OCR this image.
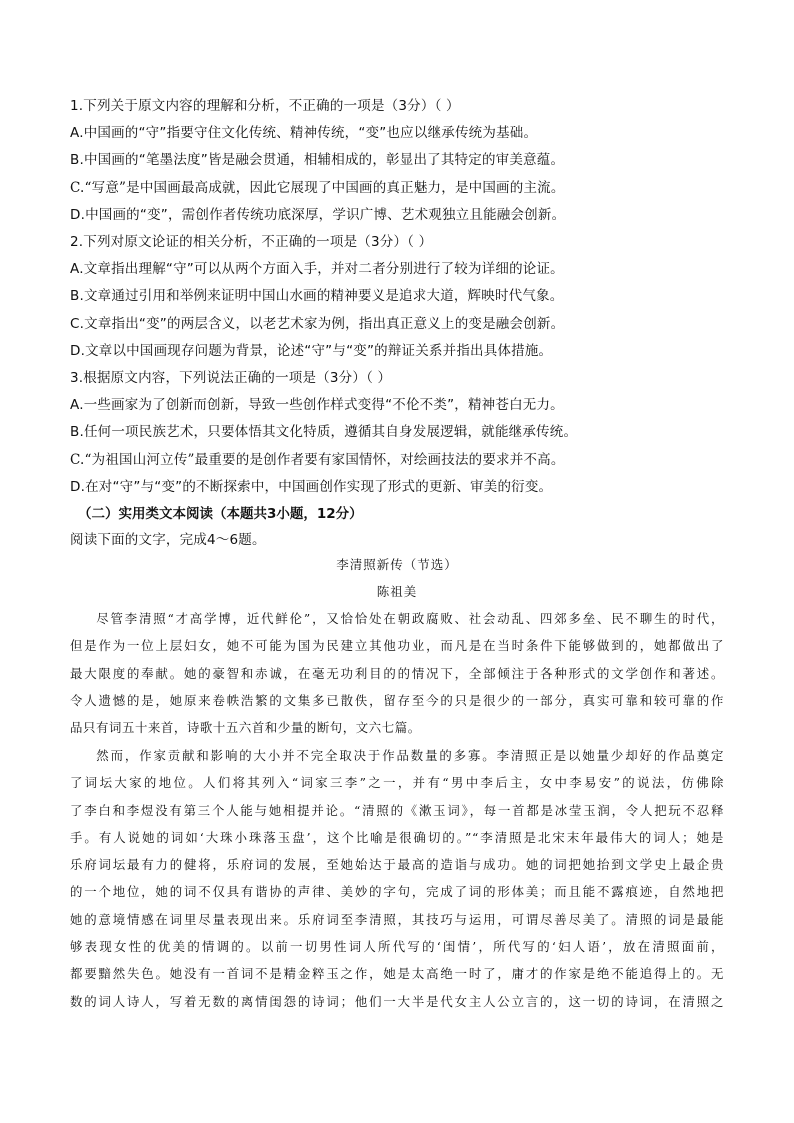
1.下列关于原文内容的理解和分析，不正确的一项是（3分）（ ）
A.中国画的“守”指要守住文化传统、精神传统，“变”也应以继承传统为基础。
B.中国画的“笔墨法度”皆是融会贯通，相辅相成的，彰显出了其特定的审美意蕴。
C.“写意”是中国画最高成就，因此它展现了中国画的真正魅力，是中国画的主流。
D.中国画的“变”，需创作者传统功底深厚，学识广博、艺术观独立且能融会创新。
2.下列对原文论证的相关分析，不正确的一项是（3分）（ ）
A.文章指出理解“守”可以从两个方面入手，并对二者分别进行了较为详细的论证。
B.文章通过引用和举例来证明中国山水画的精神要义是追求大道，辉映时代气象。
C.文章指出“变”的两层含义，以老艺术家为例，指出真正意义上的变是融会创新。
D.文章以中国画现存问题为背景，论述“守”与“变”的辩证关系并指出具体措施。
3.根据原文内容，下列说法正确的一项是（3分）（ ）
A.一些画家为了创新而创新，导致一些创作样式变得“不伦不类”，精神苍白无力。
B.任何一项民族艺术，只要体悟其文化特质，遵循其自身发展逻辑，就能继承传统。
C.“为祖国山河立传”最重要的是创作者要有家国情怀，对绘画技法的要求并不高。
D.在对“守”与“变”的不断探索中，中国画创作实现了形式的更新、审美的衍变。
（二）实用类文本阅读（本题共3小题，12分）
阅读下面的文字，完成4～6题。
李清照新传（节选）
陈祖美
尽管李清照“才高学博，近代鲜伦”，又恰恰处在朝政腐败、社会动乱、四郊多垒、民不聊生的时代，
但是作为一位上层妇女，她不可能为国为民建立其他功业，而凡是在当时条件下能够做到的，她都做出了
最大限度的奉献。她的豪智和赤诚，在毫无功利目的的情况下，全部倾注于各种形式的文学创作和著述。
令人遗憾的是，她原来卷帙浩繁的文集多已散佚，留存至今的只是很少的一部分，真实可靠和较可靠的作
品只有词五十来首，诗歌十五六首和少量的断句，文六七篇。
然而，作家贡献和影响的大小并不完全取决于作品数量的多寡。李清照正是以她量少却好的作品奠定
了词坛大家的地位。人们将其列入“词家三李”之一，并有“男中李后主，女中李易安”的说法，仿佛除
了李白和李煜没有第三个人能与她相提并论。“清照的《漱玉词》，每一首都是冰莹玉润，令人把玩不忍释
手。有人说她的词如‘大珠小珠落玉盘’，这个比喻是很确切的。”“李清照是北宋末年最伟大的词人；她是
乐府词坛最有力的健将，乐府词的发展，至她始达于最高的造诣与成功。她的词把她抬到文学史上最企贵
的一个地位，她的词不仅具有谐协的声律、美妙的字句，完成了词的形体美；而且能不露痕迹，自然地把
她的意境情感在词里尽量表现出来。乐府词至李清照，其技巧与运用，可谓尽善尽美了。清照的词是最能
够表现女性的优美的情调的。以前一切男性词人所代写的‘闺情’，所代写的‘妇人语’，放在清照面前，
都要黯然失色。她没有一首词不是精金粹玉之作，她是太高绝一时了，庸才的作家是绝不能追得上的。无
数的词人诗人，写着无数的离情闺怨的诗词；他们一大半是代女主人公立言的，这一切的诗词，在清照之
